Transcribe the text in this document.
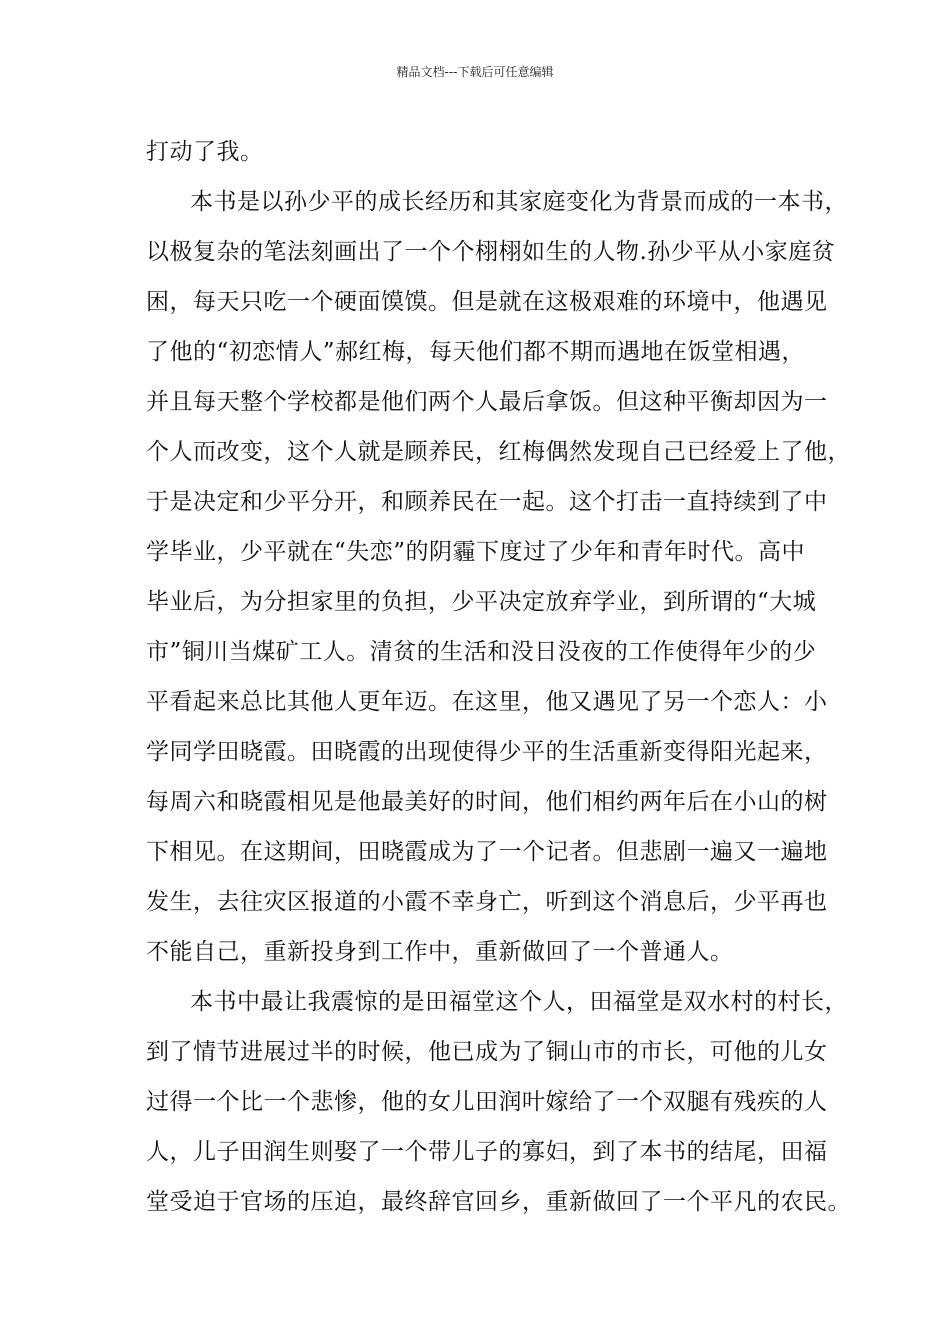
精品文档---下载后可任意编辑
打动了我。
本书是以孙少平的成长经历和其家庭变化为背景而成的一本书，
以极复杂的笔法刻画出了一个个栩栩如生的人物.孙少平从小家庭贫
困，每天只吃一个硬面馍馍。但是就在这极艰难的环境中，他遇见
了他的“初恋情人”郝红梅，每天他们都不期而遇地在饭堂相遇，
并且每天整个学校都是他们两个人最后拿饭。但这种平衡却因为一
个人而改变，这个人就是顾养民，红梅偶然发现自己已经爱上了他，
于是决定和少平分开，和顾养民在一起。这个打击一直持续到了中
学毕业，少平就在“失恋”的阴霾下度过了少年和青年时代。高中
毕业后，为分担家里的负担，少平决定放弃学业，到所谓的“大城
市”铜川当煤矿工人。清贫的生活和没日没夜的工作使得年少的少
平看起来总比其他人更年迈。在这里，他又遇见了另一个恋人：小
学同学田晓霞。田晓霞的出现使得少平的生活重新变得阳光起来，
每周六和晓霞相见是他最美好的时间，他们相约两年后在小山的树
下相见。在这期间，田晓霞成为了一个记者。但悲剧一遍又一遍地
发生，去往灾区报道的小霞不幸身亡，听到这个消息后，少平再也
不能自己，重新投身到工作中，重新做回了一个普通人。
本书中最让我震惊的是田福堂这个人，田福堂是双水村的村长，
到了情节进展过半的时候，他已成为了铜山市的市长，可他的儿女
过得一个比一个悲惨，他的女儿田润叶嫁给了一个双腿有残疾的人
人，儿子田润生则娶了一个带儿子的寡妇，到了本书的结尾，田福
堂受迫于官场的压迫，最终辞官回乡，重新做回了一个平凡的农民。
